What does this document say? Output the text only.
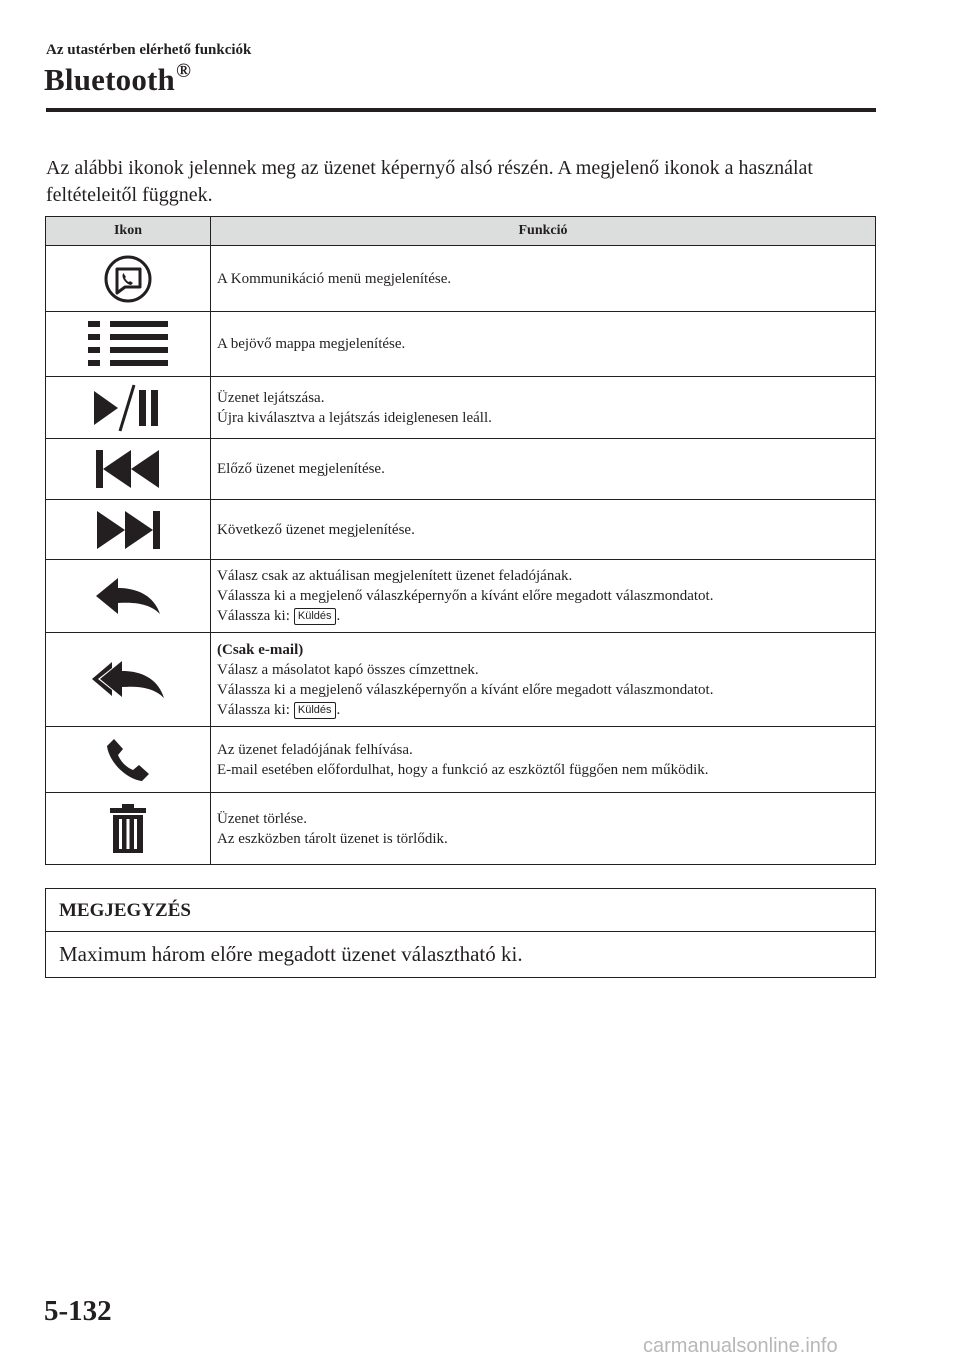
Az utastérben elérhető funkciók
Bluetooth®
Az alábbi ikonok jelennek meg az üzenet képernyő alsó részén. A megjelenő ikonok a használat feltételeitől függnek.
Ikon	Funkció

A Kommunikáció menü megjelenítése.

A bejövő mappa megjelenítése.

Üzenet lejátszása.
Újra kiválasztva a lejátszás ideiglenesen leáll.

Előző üzenet megjelenítése.

Következő üzenet megjelenítése.

Válasz csak az aktuálisan megjelenített üzenet feladójának.
Válassza ki a megjelenő válaszképernyőn a kívánt előre megadott válaszmondatot.
Válassza ki: Küldés .

(Csak e-mail)
Válasz a másolatot kapó összes címzettnek.
Válassza ki a megjelenő válaszképernyőn a kívánt előre megadott válaszmondatot.
Válassza ki: Küldés .

Az üzenet feladójának felhívása.
E-mail esetében előfordulhat, hogy a funkció az eszköztől függően nem működik.

Üzenet törlése.
Az eszközben tárolt üzenet is törlődik.
MEGJEGYZÉS
Maximum három előre megadott üzenet választható ki.
5-132
carmanualsonline.info
